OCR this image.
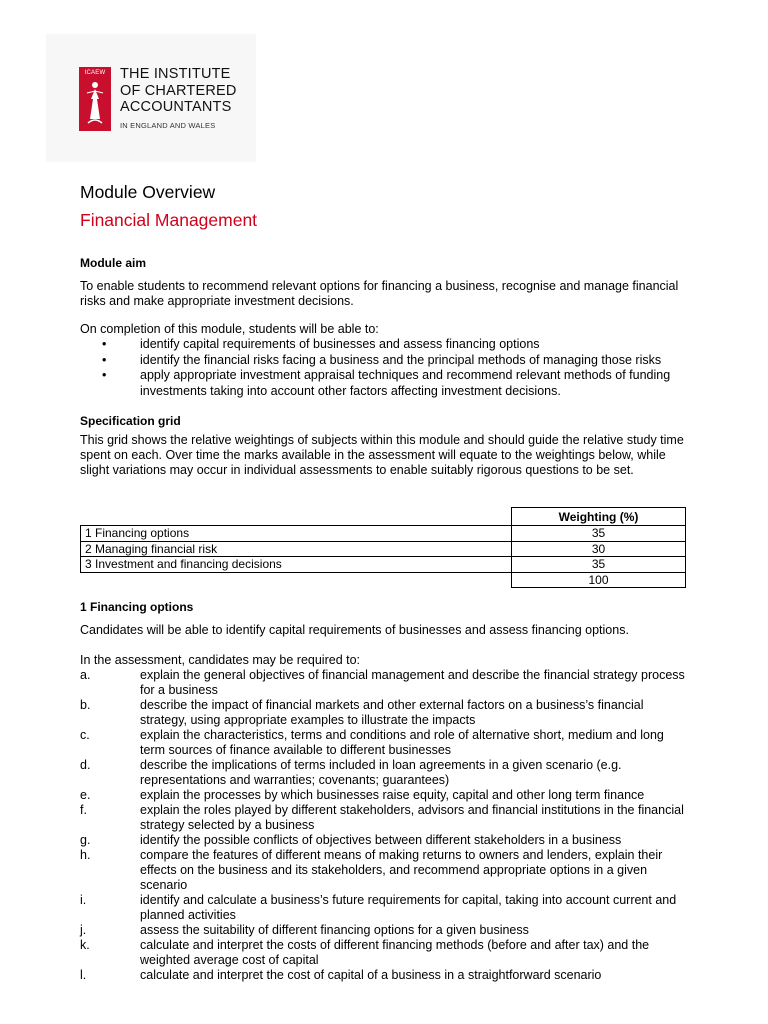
ICAEW	THE INSTITUTE
OF CHARTERED
ACCOUNTANTS
IN ENGLAND AND WALES
Module Overview
Financial Management
Module aim
To enable students to recommend relevant options for financing a business, recognise and manage financial risks and make appropriate investment decisions.
On completion of this module, students will be able to:
•	identify capital requirements of businesses and assess financing options
•	identify the financial risks facing a business and the principal methods of managing those risks
•	apply appropriate investment appraisal techniques and recommend relevant methods of funding investments taking into account other factors affecting investment decisions.
Specification grid
This grid shows the relative weightings of subjects within this module and should guide the relative study time spent on each. Over time the marks available in the assessment will equate to the weightings below, while slight variations may occur in individual assessments to enable suitably rigorous questions to be set.
	Weighting (%)
1 Financing options	35
2 Managing financial risk	30
3 Investment and financing decisions	35
	100
1 Financing options
Candidates will be able to identify capital requirements of businesses and assess financing options.
In the assessment, candidates may be required to:
a.	explain the general objectives of financial management and describe the financial strategy process for a business
b.	describe the impact of financial markets and other external factors on a business’s financial strategy, using appropriate examples to illustrate the impacts
c.	explain the characteristics, terms and conditions and role of alternative short, medium and long term sources of finance available to different businesses
d.	describe the implications of terms included in loan agreements in a given scenario (e.g. representations and warranties; covenants; guarantees)
e.	explain the processes by which businesses raise equity, capital and other long term finance
f.	explain the roles played by different stakeholders, advisors and financial institutions in the financial strategy selected by a business
g.	identify the possible conflicts of objectives between different stakeholders in a business
h.	compare the features of different means of making returns to owners and lenders, explain their effects on the business and its stakeholders, and recommend appropriate options in a given scenario
i.	identify and calculate a business’s future requirements for capital, taking into account current and planned activities
j.	assess the suitability of different financing options for a given business
k.	calculate and interpret the costs of different financing methods (before and after tax) and the weighted average cost of capital
l.	calculate and interpret the cost of capital of a business in a straightforward scenario
